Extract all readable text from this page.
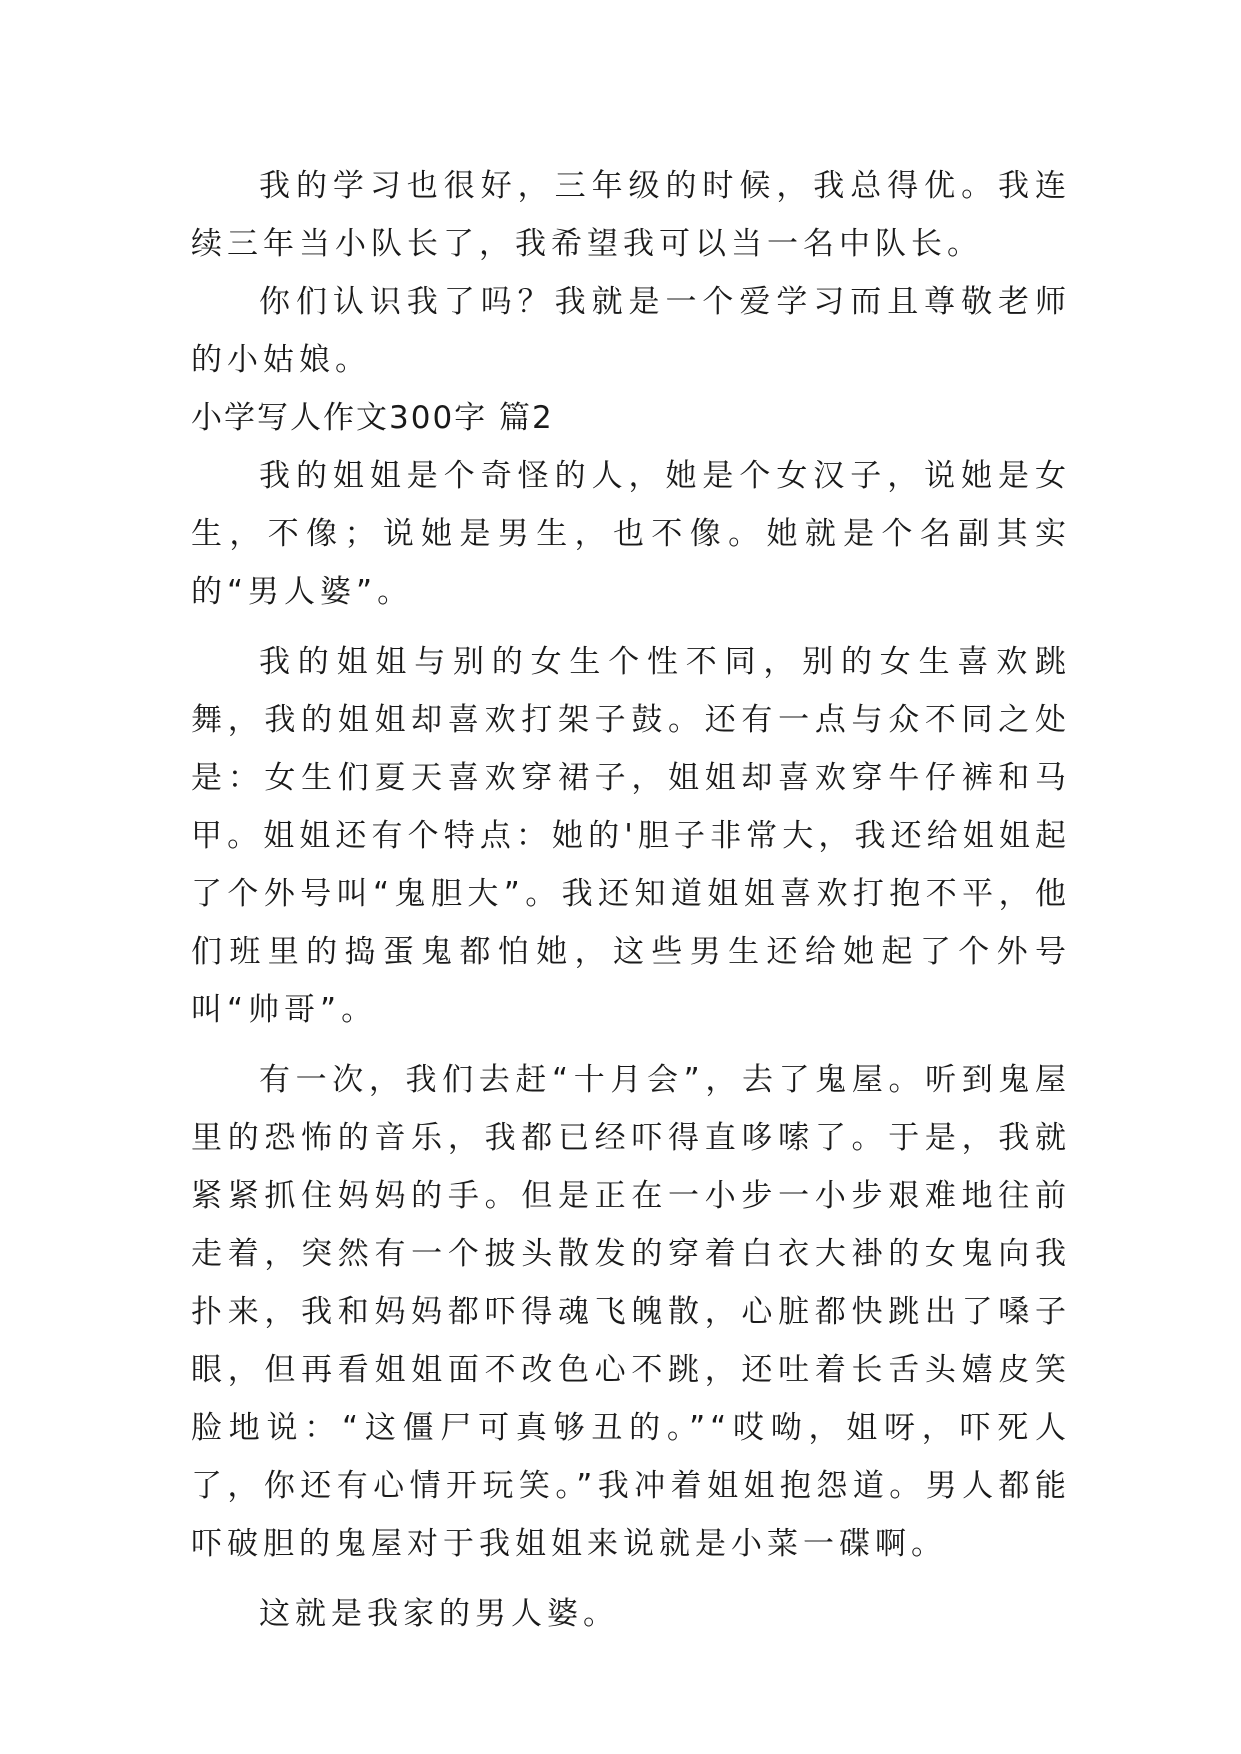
我的学习也很好，三年级的时候，我总得优。我连续三年当小队长了，我希望我可以当一名中队长。

你们认识我了吗？我就是一个爱学习而且尊敬老师的小姑娘。

小学写人作文300字 篇2

我的姐姐是个奇怪的人，她是个女汉子，说她是女生，不像；说她是男生，也不像。她就是个名副其实的“男人婆”。

我的姐姐与别的女生个性不同，别的女生喜欢跳舞，我的姐姐却喜欢打架子鼓。还有一点与众不同之处是：女生们夏天喜欢穿裙子，姐姐却喜欢穿牛仔裤和马甲。姐姐还有个特点：她的'胆子非常大，我还给姐姐起了个外号叫“鬼胆大”。我还知道姐姐喜欢打抱不平，他们班里的捣蛋鬼都怕她，这些男生还给她起了个外号叫“帅哥”。

有一次，我们去赶“十月会”，去了鬼屋。听到鬼屋里的恐怖的音乐，我都已经吓得直哆嗦了。于是，我就紧紧抓住妈妈的手。但是正在一小步一小步艰难地往前走着，突然有一个披头散发的穿着白衣大褂的女鬼向我扑来，我和妈妈都吓得魂飞魄散，心脏都快跳出了嗓子眼，但再看姐姐面不改色心不跳，还吐着长舌头嬉皮笑脸地说：“这僵尸可真够丑的。”“哎呦，姐呀，吓死人了，你还有心情开玩笑。”我冲着姐姐抱怨道。男人都能吓破胆的鬼屋对于我姐姐来说就是小菜一碟啊。

这就是我家的男人婆。
